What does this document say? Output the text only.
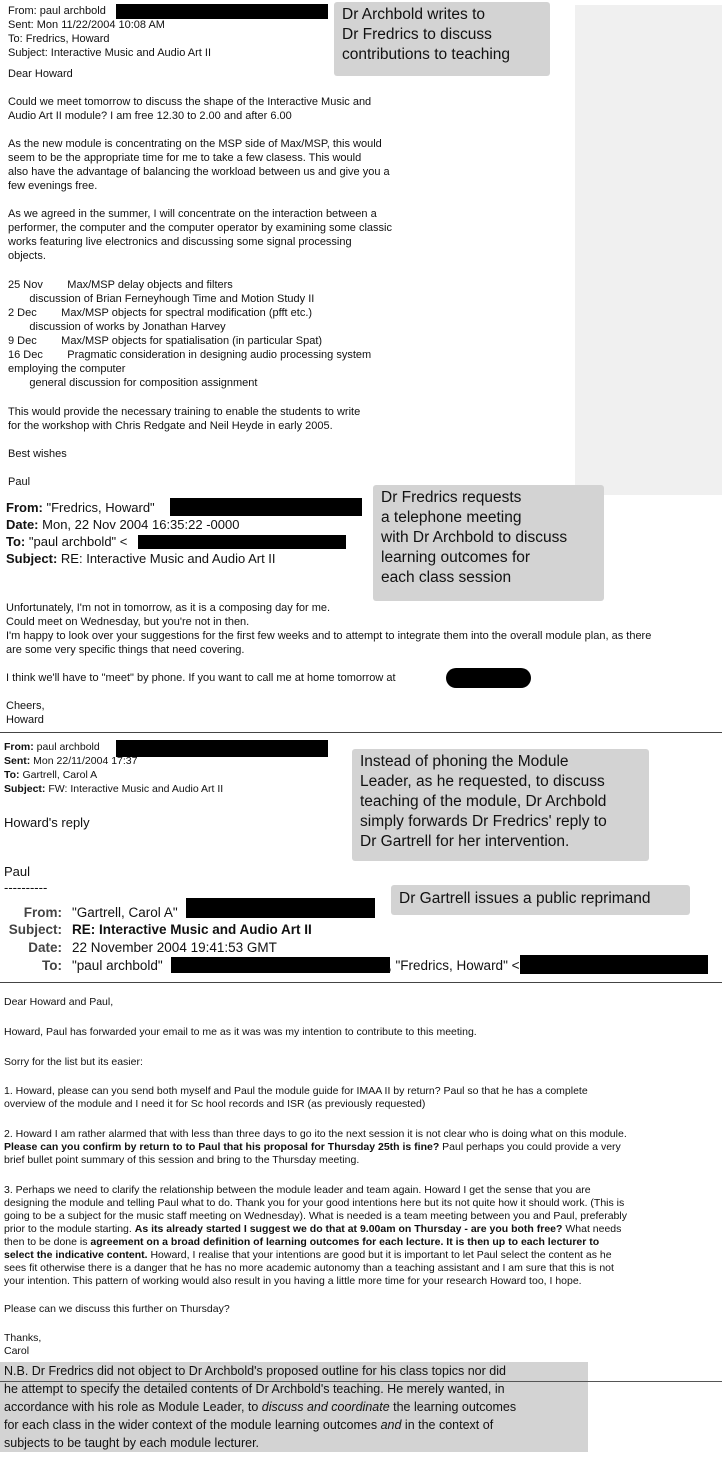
From: paul archbold
Sent: Mon 11/22/2004 10:08 AM
To: Fredrics, Howard
Subject: Interactive Music and Audio Art II
Dear Howard
Could we meet tomorrow to discuss the shape of the Interactive Music and
Audio Art II module? I am free 12.30 to 2.00 and after 6.00
As the new module is concentrating on the MSP side of Max/MSP, this would
seem to be the appropriate time for me to take a few clasess. This would
also have the advantage of balancing the workload between us and give you a
few evenings free.
As we agreed in the summer, I will concentrate on the interaction between a
performer, the computer and the computer operator by examining some classic
works featuring live electronics and discussing some signal processing
objects.
25 Nov        Max/MSP delay objects and filters
discussion of Brian Ferneyhough Time and Motion Study II
2 Dec        Max/MSP objects for spectral modification (pfft etc.)
discussion of works by Jonathan Harvey
9 Dec        Max/MSP objects for spatialisation (in particular Spat)
16 Dec        Pragmatic consideration in designing audio processing system
employing the computer
general discussion for composition assignment
This would provide the necessary training to enable the students to write
for the workshop with Chris Redgate and Neil Heyde in early 2005.
Best wishes
Paul
Dr Archbold writes to
Dr Fredrics to discuss
contributions to teaching
From: "Fredrics, Howard"
Date: Mon, 22 Nov 2004 16:35:22 -0000
To: "paul archbold" <
Subject: RE: Interactive Music and Audio Art II
Unfortunately, I'm not in tomorrow, as it is a composing day for me.
Could meet on Wednesday, but you're not in then.
I'm happy to look over your suggestions for the first few weeks and to attempt to integrate them into the overall module plan, as there
are some very specific things that need covering.
I think we'll have to "meet" by phone. If you want to call me at home tomorrow at
Cheers,
Howard
Dr Fredrics requests
a telephone meeting
with Dr Archbold to discuss
learning outcomes for
each class session
From: paul archbold
Sent: Mon 22/11/2004 17:37
To: Gartrell, Carol A
Subject: FW: Interactive Music and Audio Art II
Howard's reply
Paul
----------
Instead of phoning the Module
Leader, as he requested, to discuss
teaching of the module, Dr Archbold
simply forwards Dr Fredrics' reply to
Dr Gartrell for her intervention.
Dr Gartrell issues a public reprimand
From: "Gartrell, Carol A"
Subject: RE: Interactive Music and Audio Art II
Date: 22 November 2004 19:41:53 GMT
To: "paul archbold"	, "Fredrics, Howard" <
Dear Howard and Paul,
Howard, Paul has forwarded your email to me as it was was my intention to contribute to this meeting.
Sorry for the list but its easier:
1. Howard, please can you send both myself and Paul the module guide for IMAA II by return? Paul so that he has a complete
overview of the module and I need it for Sc hool records and ISR (as previously requested)
2. Howard I am rather alarmed that with less than three days to go ito the next session it is not clear who is doing what on this module.
Please can you confirm by return to to Paul that his proposal for Thursday 25th is fine? Paul perhaps you could provide a very
brief bullet point summary of this session and bring to the Thursday meeting.
3. Perhaps we need to clarify the relationship between the module leader and team again. Howard I get the sense that you are
designing the module and telling Paul what to do. Thank you for your good intentions here but its not quite how it should work. (This is
going to be a subject for the music staff meeting on Wednesday). What is needed is a team meeting between you and Paul, preferably
prior to the module starting. As its already started I suggest we do that at 9.00am on Thursday - are you both free? What needs
then to be done is agreement on a broad definition of learning outcomes for each lecture. It is then up to each lecturer to
select the indicative content. Howard, I realise that your intentions are good but it is important to let Paul select the content as he
sees fit otherwise there is a danger that he has no more academic autonomy than a teaching assistant and I am sure that this is not
your intention. This pattern of working would also result in you having a little more time for your research Howard too, I hope.
Please can we discuss this further on Thursday?
Thanks,
Carol
N.B. Dr Fredrics did not object to Dr Archbold's proposed outline for his class topics nor did
he attempt to specify the detailed contents of Dr Archbold's teaching. He merely wanted, in
accordance with his role as Module Leader, to discuss and coordinate the learning outcomes
for each class in the wider context of the module learning outcomes and in the context of
subjects to be taught by each module lecturer.
